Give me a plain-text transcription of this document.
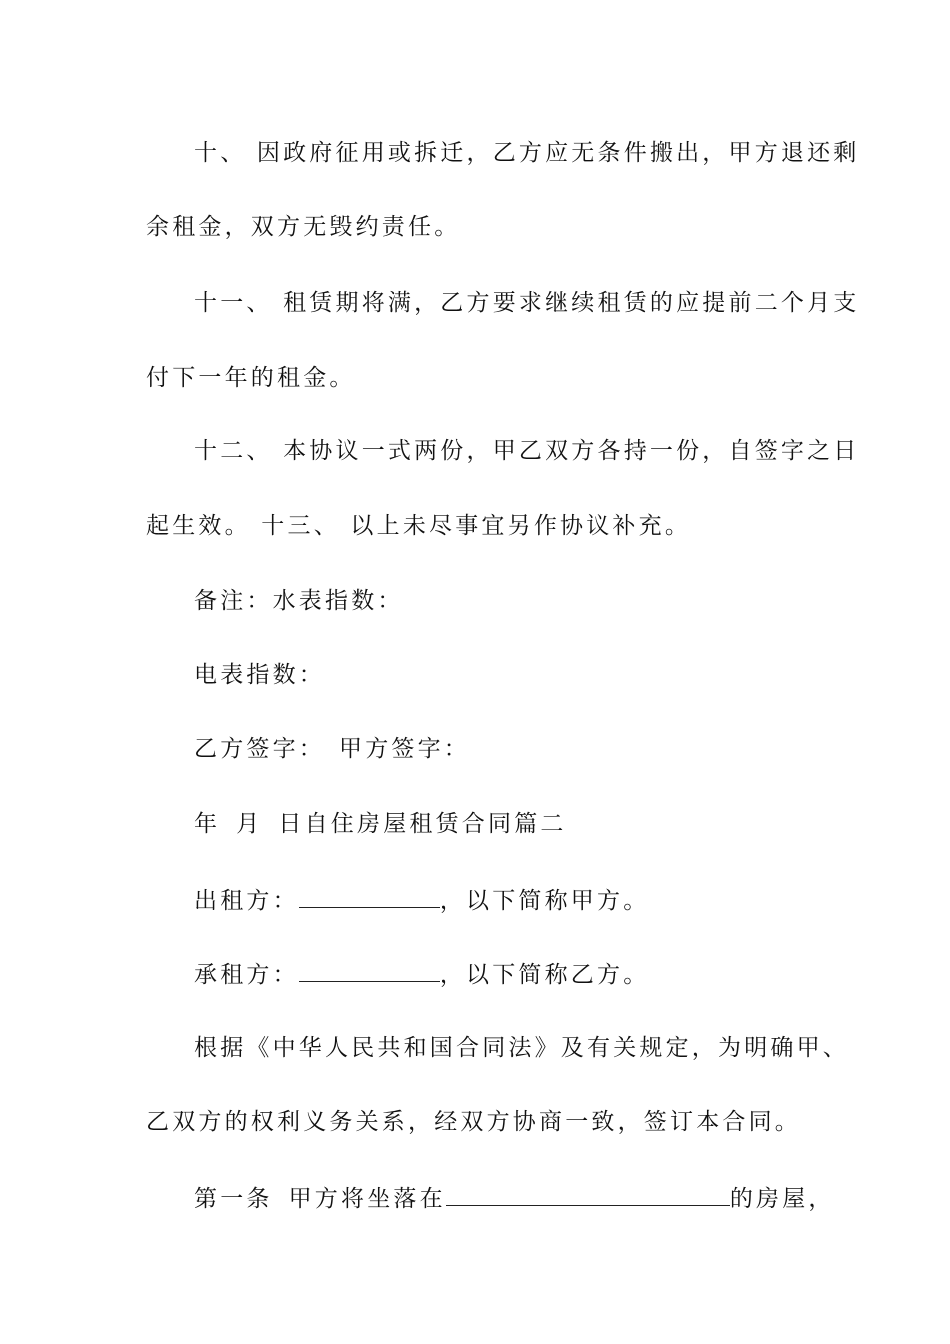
十、 因政府征用或拆迁，乙方应无条件搬出，甲方退还剩
余租金，双方无毁约责任。
十一、 租赁期将满，乙方要求继续租赁的应提前二个月支
付下一年的租金。
十二、 本协议一式两份，甲乙双方各持一份，自签字之日
起生效。 十三、 以上未尽事宜另作协议补充。
备注：水表指数：
电表指数：
乙方签字： 甲方签字：
年 月 日自住房屋租赁合同篇二
出租方：	，以下简称甲方。
承租方：	，以下简称乙方。
根据《中华人民共和国合同法》及有关规定，为明确甲、
乙双方的权利义务关系，经双方协商一致，签订本合同。
第一条 甲方将坐落在	的房屋，
